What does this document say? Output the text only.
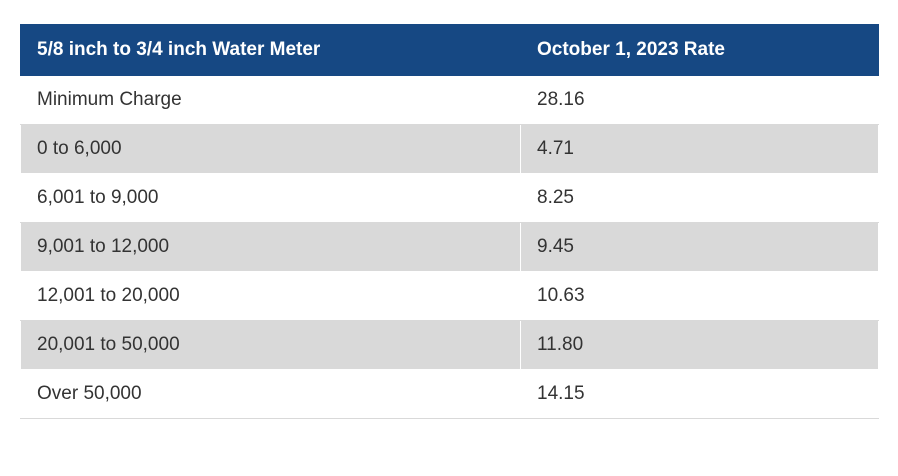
5/8 inch to 3/4 inch Water Meter	October 1, 2023 Rate
Minimum Charge	28.16
0 to 6,000	4.71
6,001 to 9,000	8.25
9,001 to 12,000	9.45
12,001 to 20,000	10.63
20,001 to 50,000	11.80
Over 50,000	14.15
